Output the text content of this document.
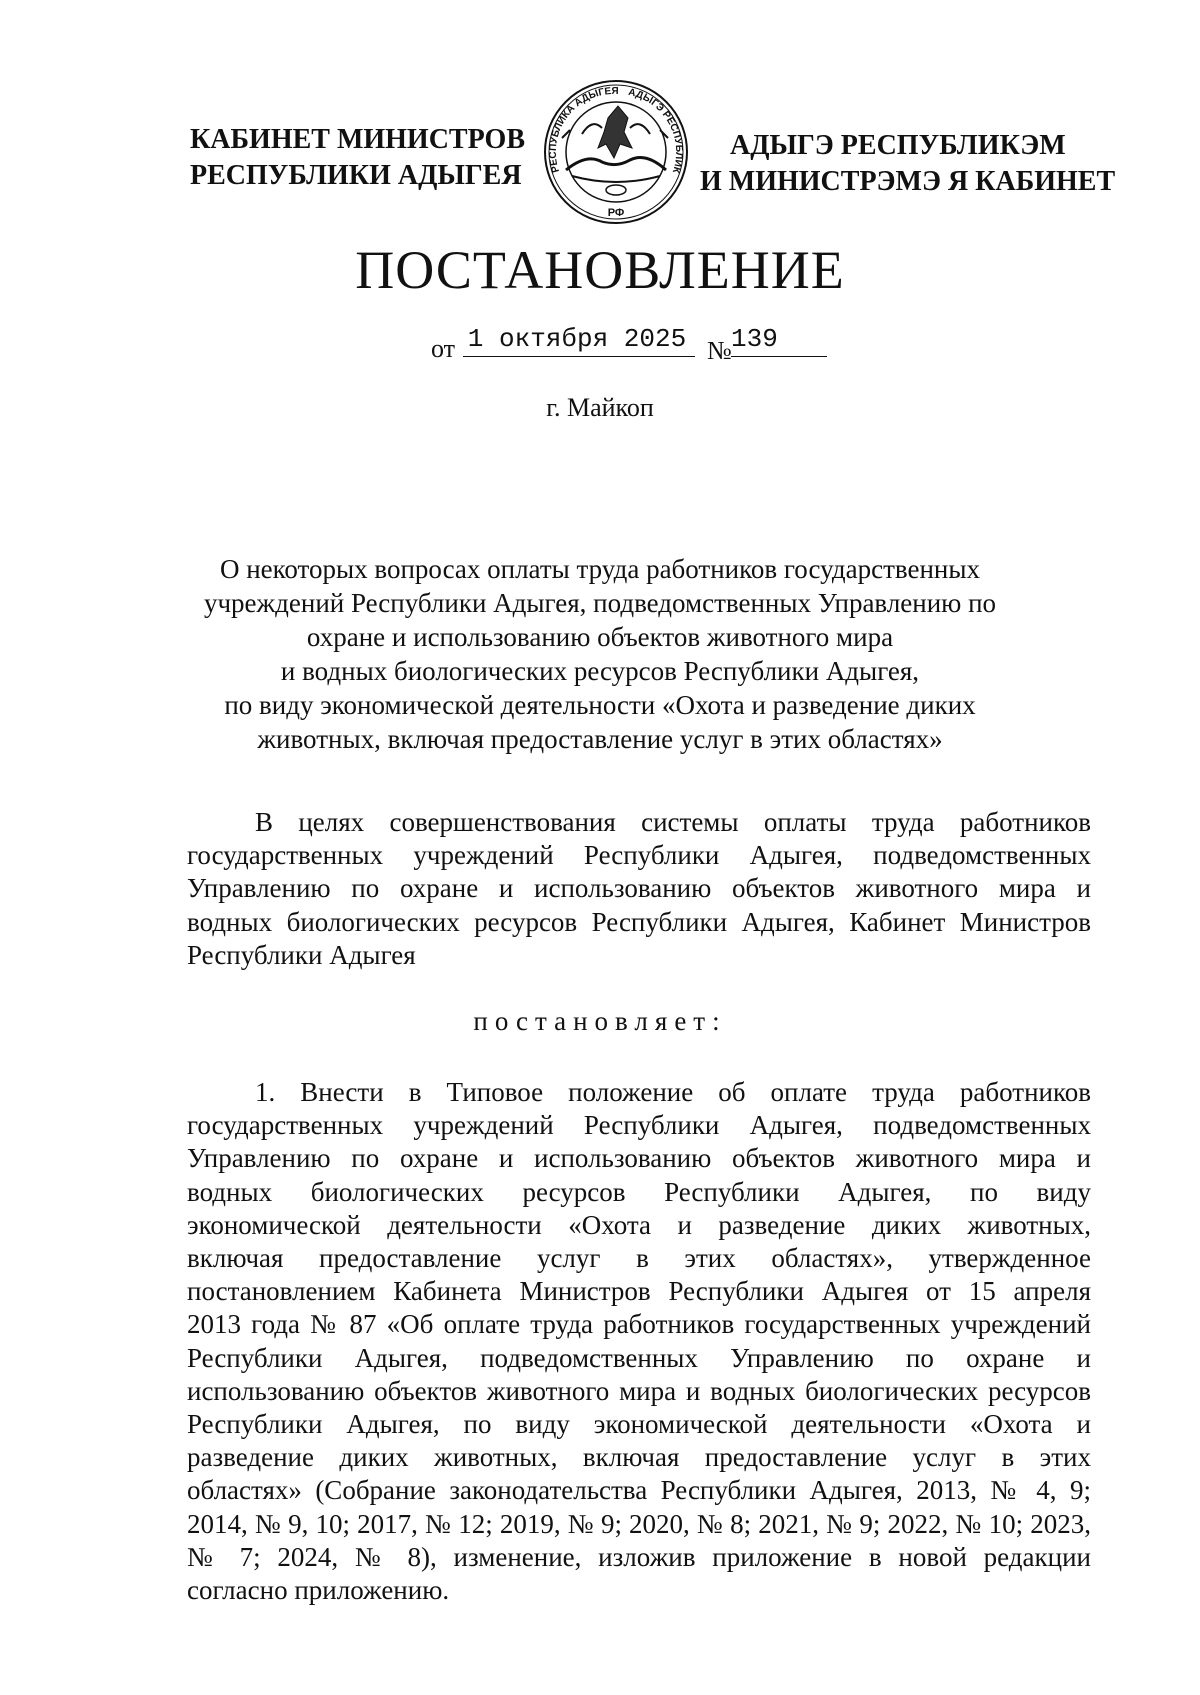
КАБИНЕТ МИНИСТРОВ
РЕСПУБЛИКИ АДЫГЕЯ	РЕСПУБЛИКА АДЫГЕЯ АДЫГЭ РЕСПУБЛИК
РФ
АДЫГЭ РЕСПУБЛИКЭМ
И МИНИСТРЭМЭ Я КАБИНЕТ
ПОСТАНОВЛЕНИЕ
от 1 октября 2025 № 139
г. Майкоп
О некоторых вопросах оплаты труда работников государственных
учреждений Республики Адыгея, подведомственных Управлению по
охране и использованию объектов животного мира
и водных биологических ресурсов Республики Адыгея,
по виду экономической деятельности «Охота и разведение диких
животных, включая предоставление услуг в этих областях»
В целях совершенствования системы оплаты труда работников
государственных учреждений Республики Адыгея, подведомственных
Управлению по охране и использованию объектов животного мира и
водных биологических ресурсов Республики Адыгея, Кабинет Министров
Республики Адыгея
постановляет:
1. Внести в Типовое положение об оплате труда работников
государственных учреждений Республики Адыгея, подведомственных
Управлению по охране и использованию объектов животного мира и
водных биологических ресурсов Республики Адыгея, по виду
экономической деятельности «Охота и разведение диких животных,
включая предоставление услуг в этих областях», утвержденное
постановлением Кабинета Министров Республики Адыгея от 15 апреля
2013 года № 87 «Об оплате труда работников государственных учреждений
Республики Адыгея, подведомственных Управлению по охране и
использованию объектов животного мира и водных биологических ресурсов
Республики Адыгея, по виду экономической деятельности «Охота и
разведение диких животных, включая предоставление услуг в этих
областях» (Собрание законодательства Республики Адыгея, 2013, № 4, 9;
2014, № 9, 10; 2017, № 12; 2019, № 9; 2020, № 8; 2021, № 9; 2022, № 10; 2023,
№ 7; 2024, № 8), изменение, изложив приложение в новой редакции
согласно приложению.
